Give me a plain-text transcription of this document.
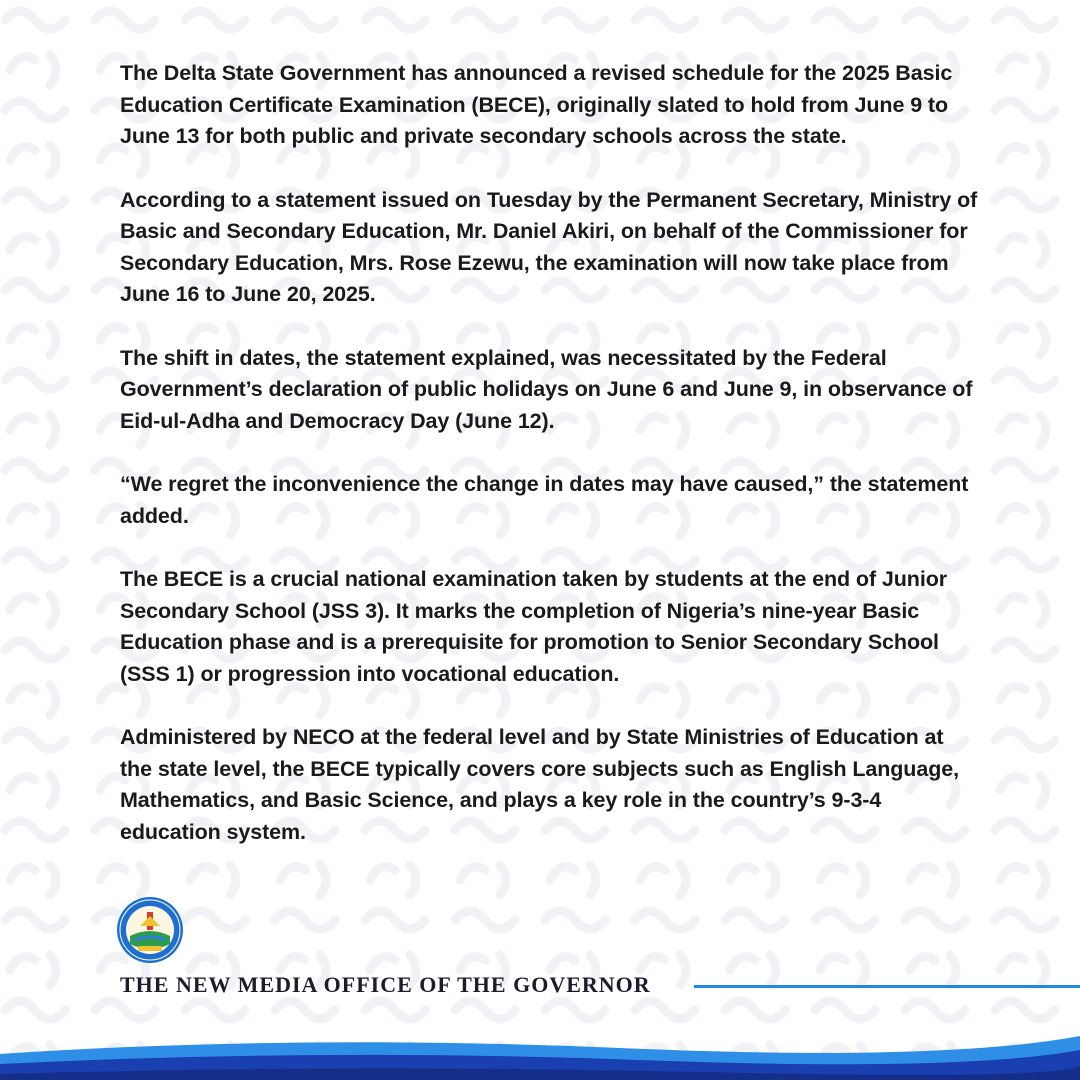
The Delta State Government has announced a revised schedule for the 2025 Basic Education Certificate Examination (BECE), originally slated to hold from June 9 to June 13 for both public and private secondary schools across the state.

According to a statement issued on Tuesday by the Permanent Secretary, Ministry of Basic and Secondary Education, Mr. Daniel Akiri, on behalf of the Commissioner for Secondary Education, Mrs. Rose Ezewu, the examination will now take place from June 16 to June 20, 2025.

The shift in dates, the statement explained, was necessitated by the Federal Government’s declaration of public holidays on June 6 and June 9, in observance of Eid-ul-Adha and Democracy Day (June 12).

“We regret the inconvenience the change in dates may have caused,” the statement added.

The BECE is a crucial national examination taken by students at the end of Junior Secondary School (JSS 3). It marks the completion of Nigeria’s nine-year Basic Education phase and is a prerequisite for promotion to Senior Secondary School (SSS 1) or progression into vocational education.

Administered by NECO at the federal level and by State Ministries of Education at the state level, the BECE typically covers core subjects such as English Language, Mathematics, and Basic Science, and plays a key role in the country’s 9-3-4 education system.

THE NEW MEDIA OFFICE OF THE GOVERNOR
